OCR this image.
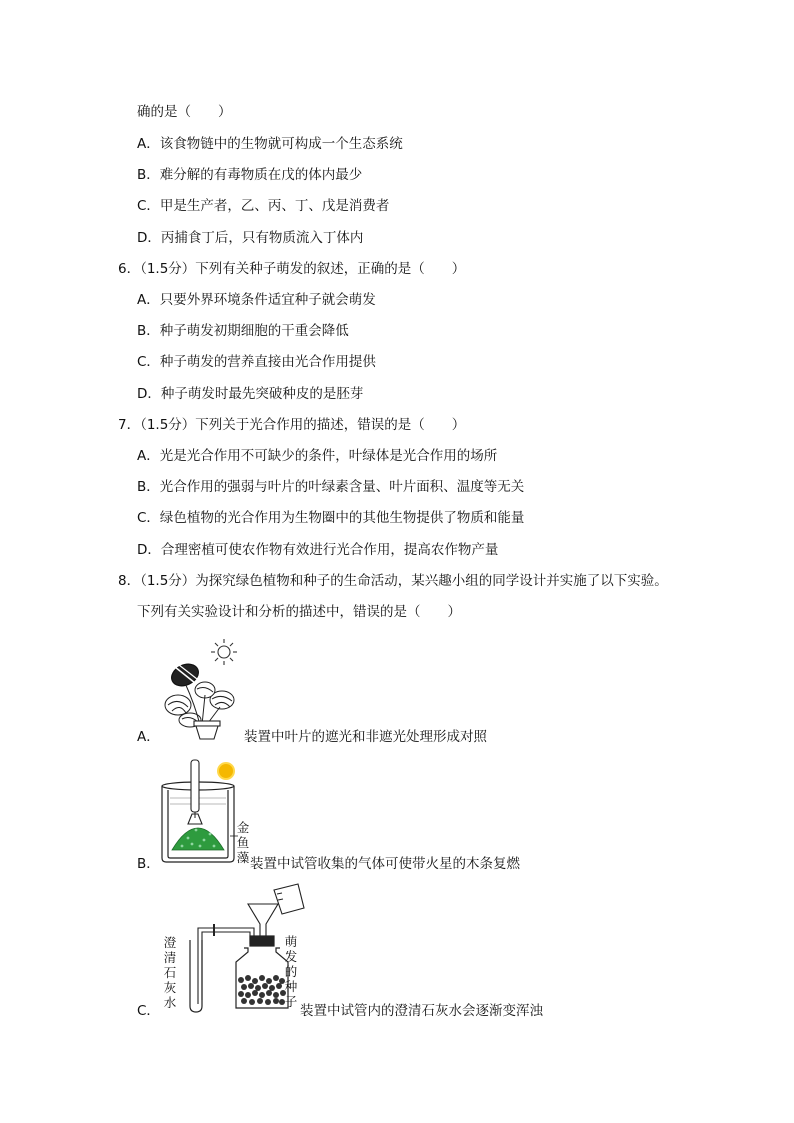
确的是（　　）
A．该食物链中的生物就可构成一个生态系统
B．难分解的有毒物质在戊的体内最少
C．甲是生产者，乙、丙、丁、戊是消费者
D．丙捕食丁后，只有物质流入丁体内
6．（1.5分）下列有关种子萌发的叙述，正确的是（　　）
A．只要外界环境条件适宜种子就会萌发
B．种子萌发初期细胞的干重会降低
C．种子萌发的营养直接由光合作用提供
D．种子萌发时最先突破种皮的是胚芽
7．（1.5分）下列关于光合作用的描述，错误的是（　　）
A．光是光合作用不可缺少的条件，叶绿体是光合作用的场所
B．光合作用的强弱与叶片的叶绿素含量、叶片面积、温度等无关
C．绿色植物的光合作用为生物圈中的其他生物提供了物质和能量
D．合理密植可使农作物有效进行光合作用，提高农作物产量
8．（1.5分）为探究绿色植物和种子的生命活动，某兴趣小组的同学设计并实施了以下实验。
下列有关实验设计和分析的描述中，错误的是（　　）
A．	装置中叶片的遮光和非遮光处理形成对照
B．
金鱼藻 装置中试管收集的气体可使带火星的木条复燃
C．
澄清石灰水
萌发的种子
装置中试管内的澄清石灰水会逐渐变浑浊
